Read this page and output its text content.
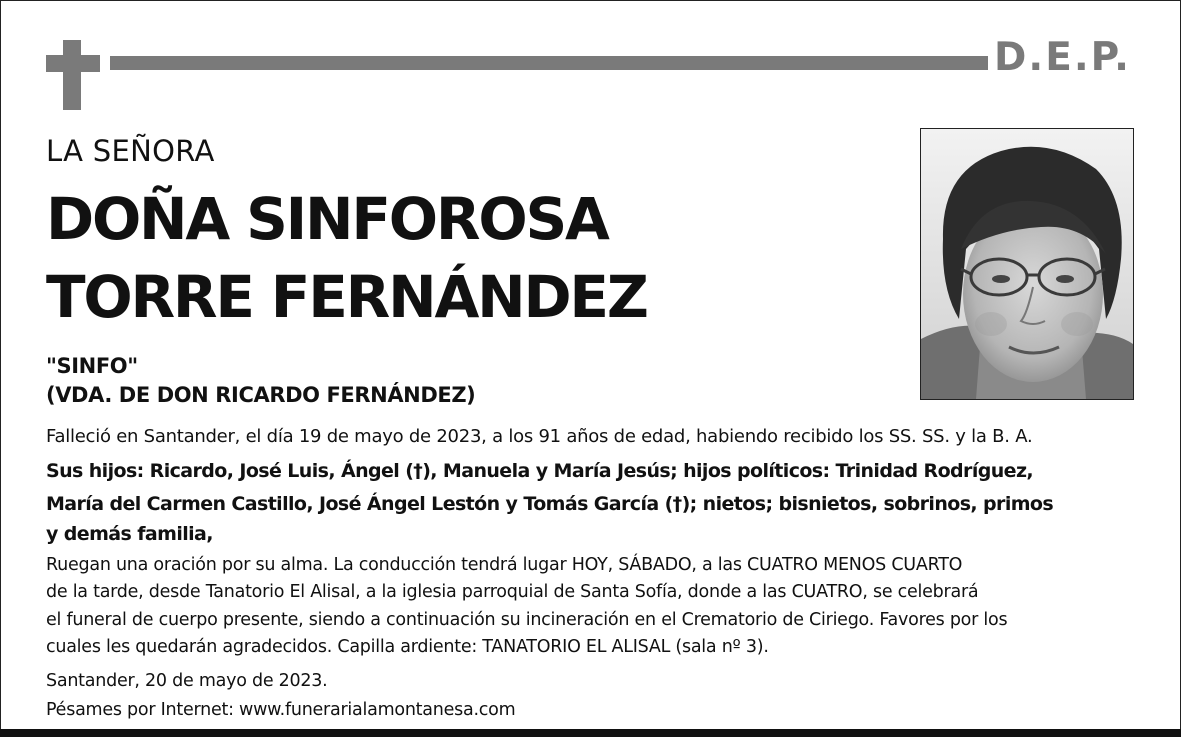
D.E.P.
LA SEÑORA
DOÑA SINFOROSA
TORRE FERNÁNDEZ
"SINFO"
(VDA. DE DON RICARDO FERNÁNDEZ)
Falleció en Santander, el día 19 de mayo de 2023, a los 91 años de edad, habiendo recibido los SS. SS. y la B. A.
Sus hijos: Ricardo, José Luis, Ángel (†), Manuela y María Jesús; hijos políticos: Trinidad Rodríguez,
María del Carmen Castillo, José Ángel Lestón y Tomás García (†); nietos; bisnietos, sobrinos, primos
y demás familia,
Ruegan una oración por su alma. La conducción tendrá lugar HOY, SÁBADO, a las CUATRO MENOS CUARTO
de la tarde, desde Tanatorio El Alisal, a la iglesia parroquial de Santa Sofía, donde a las CUATRO, se celebrará
el funeral de cuerpo presente, siendo a continuación su incineración en el Crematorio de Ciriego. Favores por los
cuales les quedarán agradecidos. Capilla ardiente: TANATORIO EL ALISAL (sala nº 3).
Santander, 20 de mayo de 2023.
Pésames por Internet: www.funerarialamontanesa.com
